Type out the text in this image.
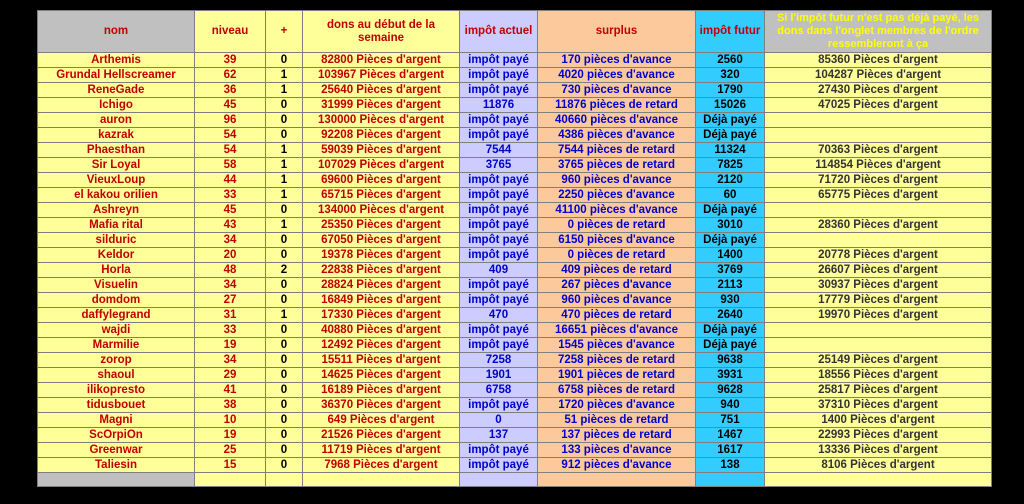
nom	niveau	+	dons au début de la semaine	impôt actuel	surplus	impôt futur	Si l'impôt futur n'est pas déjà payé, les dons dans l'onglet membres de l'ordre ressembleront à ça
Arthemis	39	0	82800 Pièces d'argent	impôt payé	170 pièces d'avance	2560	85360 Pièces d'argent
Grundal Hellscreamer	62	1	103967 Pièces d'argent	impôt payé	4020 pièces d'avance	320	104287 Pièces d'argent
ReneGade	36	1	25640 Pièces d'argent	impôt payé	730 pièces d'avance	1790	27430 Pièces d'argent
Ichigo	45	0	31999 Pièces d'argent	11876	11876 pièces de retard	15026	47025 Pièces d'argent
auron	96	0	130000 Pièces d'argent	impôt payé	40660 pièces d'avance	Déjà payé	
kazrak	54	0	92208 Pièces d'argent	impôt payé	4386 pièces d'avance	Déjà payé	
Phaesthan	54	1	59039 Pièces d'argent	7544	7544 pièces de retard	11324	70363 Pièces d'argent
Sir Loyal	58	1	107029 Pièces d'argent	3765	3765 pièces de retard	7825	114854 Pièces d'argent
VieuxLoup	44	1	69600 Pièces d'argent	impôt payé	960 pièces d'avance	2120	71720 Pièces d'argent
el kakou orilien	33	1	65715 Pièces d'argent	impôt payé	2250 pièces d'avance	60	65775 Pièces d'argent
Ashreyn	45	0	134000 Pièces d'argent	impôt payé	41100 pièces d'avance	Déjà payé	
Mafia rital	43	1	25350 Pièces d'argent	impôt payé	0 pièces de retard	3010	28360 Pièces d'argent
silduric	34	0	67050 Pièces d'argent	impôt payé	6150 pièces d'avance	Déjà payé	
Keldor	20	0	19378 Pièces d'argent	impôt payé	0 pièces de retard	1400	20778 Pièces d'argent
Horla	48	2	22838 Pièces d'argent	409	409 pièces de retard	3769	26607 Pièces d'argent
Visuelin	34	0	28824 Pièces d'argent	impôt payé	267 pièces d'avance	2113	30937 Pièces d'argent
domdom	27	0	16849 Pièces d'argent	impôt payé	960 pièces d'avance	930	17779 Pièces d'argent
daffylegrand	31	1	17330 Pièces d'argent	470	470 pièces de retard	2640	19970 Pièces d'argent
wajdi	33	0	40880 Pièces d'argent	impôt payé	16651 pièces d'avance	Déjà payé	
Marmilie	19	0	12492 Pièces d'argent	impôt payé	1545 pièces d'avance	Déjà payé	
zorop	34	0	15511 Pièces d'argent	7258	7258 pièces de retard	9638	25149 Pièces d'argent
shaoul	29	0	14625 Pièces d'argent	1901	1901 pièces de retard	3931	18556 Pièces d'argent
ilikopresto	41	0	16189 Pièces d'argent	6758	6758 pièces de retard	9628	25817 Pièces d'argent
tidusbouet	38	0	36370 Pièces d'argent	impôt payé	1720 pièces d'avance	940	37310 Pièces d'argent
Magni	10	0	649 Pièces d'argent	0	51 pièces de retard	751	1400 Pièces d'argent
ScOrpiOn	19	0	21526 Pièces d'argent	137	137 pièces de retard	1467	22993 Pièces d'argent
Greenwar	25	0	11719 Pièces d'argent	impôt payé	133 pièces d'avance	1617	13336 Pièces d'argent
Taliesin	15	0	7968 Pièces d'argent	impôt payé	912 pièces d'avance	138	8106 Pièces d'argent
